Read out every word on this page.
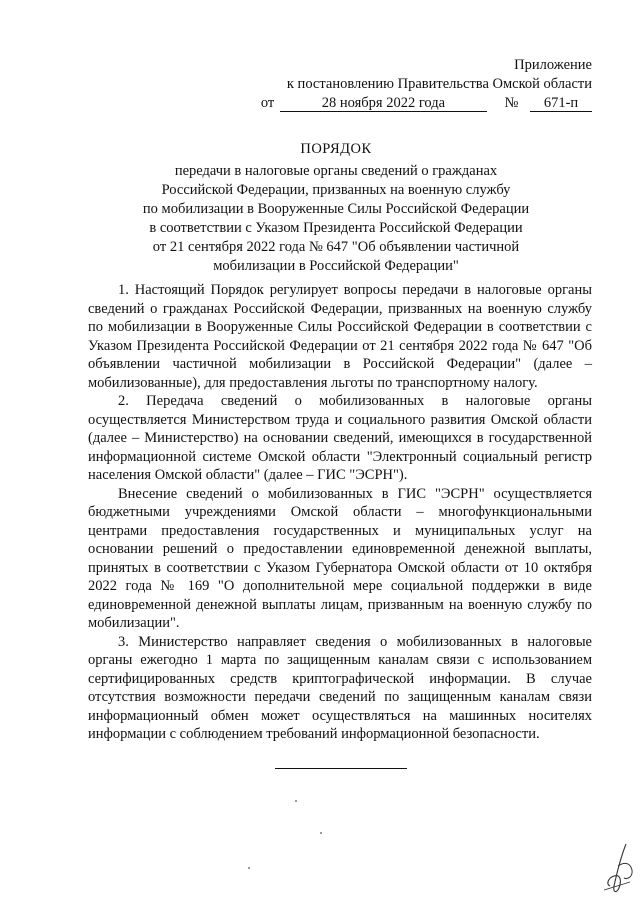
Приложение
к постановлению Правительства Омской области
от	28 ноября 2022 года	№ 671-п
ПОРЯДОК
передачи в налоговые органы сведений о гражданах
Российской Федерации, призванных на военную службу
по мобилизации в Вооруженные Силы Российской Федерации
в соответствии с Указом Президента Российской Федерации
от 21 сентября 2022 года № 647 "Об объявлении частичной
мобилизации в Российской Федерации"

1. Настоящий Порядок регулирует вопросы передачи в налоговые органы сведений о гражданах Российской Федерации, призванных на военную службу по мобилизации в Вооруженные Силы Российской Федерации в соответствии с Указом Президента Российской Федерации от 21 сентября 2022 года № 647 "Об объявлении частичной мобилизации в Российской Федерации" (далее – мобилизованные), для предоставления льготы по транспортному налогу.

2. Передача сведений о мобилизованных в налоговые органы осуществляется Министерством труда и социального развития Омской области (далее – Министерство) на основании сведений, имеющихся в государственной информационной системе Омской области "Электронный социальный регистр населения Омской области" (далее – ГИС "ЭСРН").

Внесение сведений о мобилизованных в ГИС "ЭСРН" осуществляется бюджетными учреждениями Омской области – многофункциональными центрами предоставления государственных и муниципальных услуг на основании решений о предоставлении единовременной денежной выплаты, принятых в соответствии с Указом Губернатора Омской области от 10 октября 2022 года № 169 "О дополнительной мере социальной поддержки в виде единовременной денежной выплаты лицам, призванным на военную службу по мобилизации".

3. Министерство направляет сведения о мобилизованных в налоговые органы ежегодно 1 марта по защищенным каналам связи с использованием сертифицированных средств криптографической информации. В случае отсутствия возможности передачи сведений по защищенным каналам связи информационный обмен может осуществляться на машинных носителях информации с соблюдением требований информационной безопасности.
